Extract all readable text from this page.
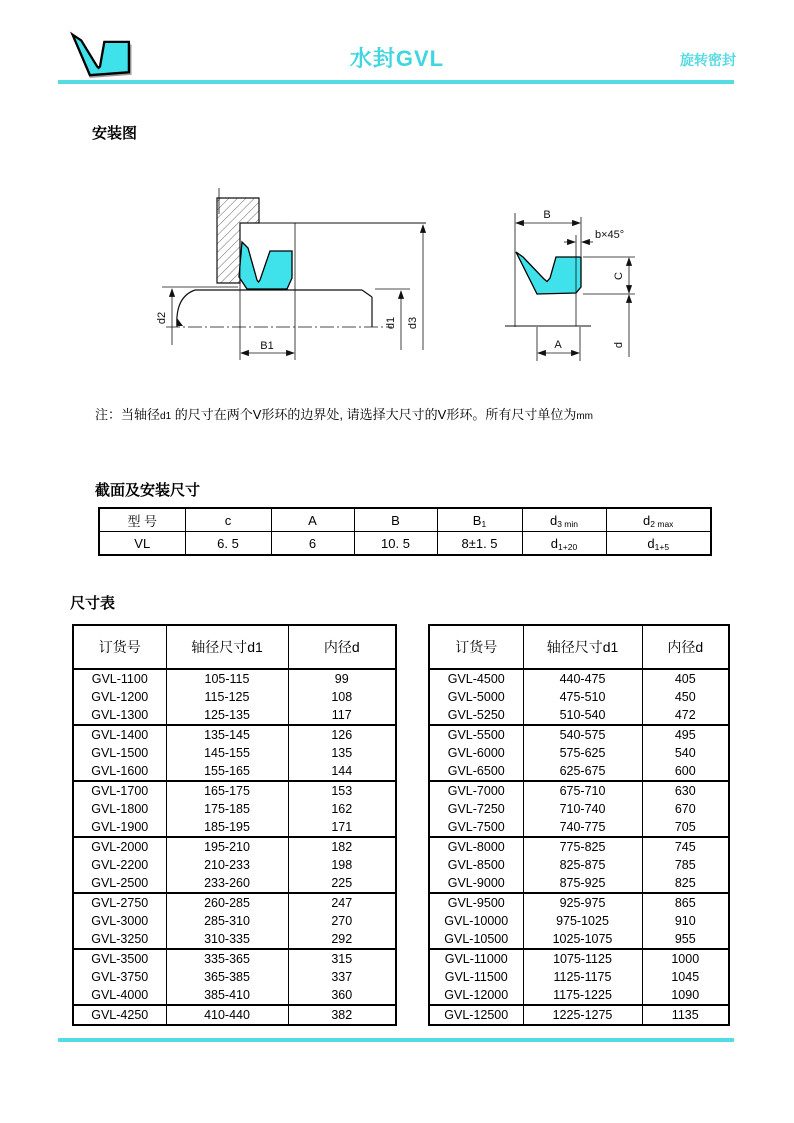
水封GVL	旋转密封
安装图
d2
B1
d1 d3
B
b×45°
C
d
A
注：当轴径d1 的尺寸在两个V形环的边界处, 请选择大尺寸的V形环。所有尺寸单位为mm
截面及安装尺寸
型 号	c	A	B	B1	d3 min	d2 max
VL	6. 5	6	10. 5	8±1. 5	d1+20	d1+5
尺寸表
订货号	轴径尺寸d1	内径d
GVL-1100	105-115	99
GVL-1200	115-125	108
GVL-1300	125-135	117
GVL-1400	135-145	126
GVL-1500	145-155	135
GVL-1600	155-165	144
GVL-1700	165-175	153
GVL-1800	175-185	162
GVL-1900	185-195	171
GVL-2000	195-210	182
GVL-2200	210-233	198
GVL-2500	233-260	225
GVL-2750	260-285	247
GVL-3000	285-310	270
GVL-3250	310-335	292
GVL-3500	335-365	315
GVL-3750	365-385	337
GVL-4000	385-410	360
GVL-4250	410-440	382
订货号	轴径尺寸d1	内径d
GVL-4500	440-475	405
GVL-5000	475-510	450
GVL-5250	510-540	472
GVL-5500	540-575	495
GVL-6000	575-625	540
GVL-6500	625-675	600
GVL-7000	675-710	630
GVL-7250	710-740	670
GVL-7500	740-775	705
GVL-8000	775-825	745
GVL-8500	825-875	785
GVL-9000	875-925	825
GVL-9500	925-975	865
GVL-10000	975-1025	910
GVL-10500	1025-1075	955
GVL-11000	1075-1125	1000
GVL-11500	1125-1175	1045
GVL-12000	1175-1225	1090
GVL-12500	1225-1275	1135
